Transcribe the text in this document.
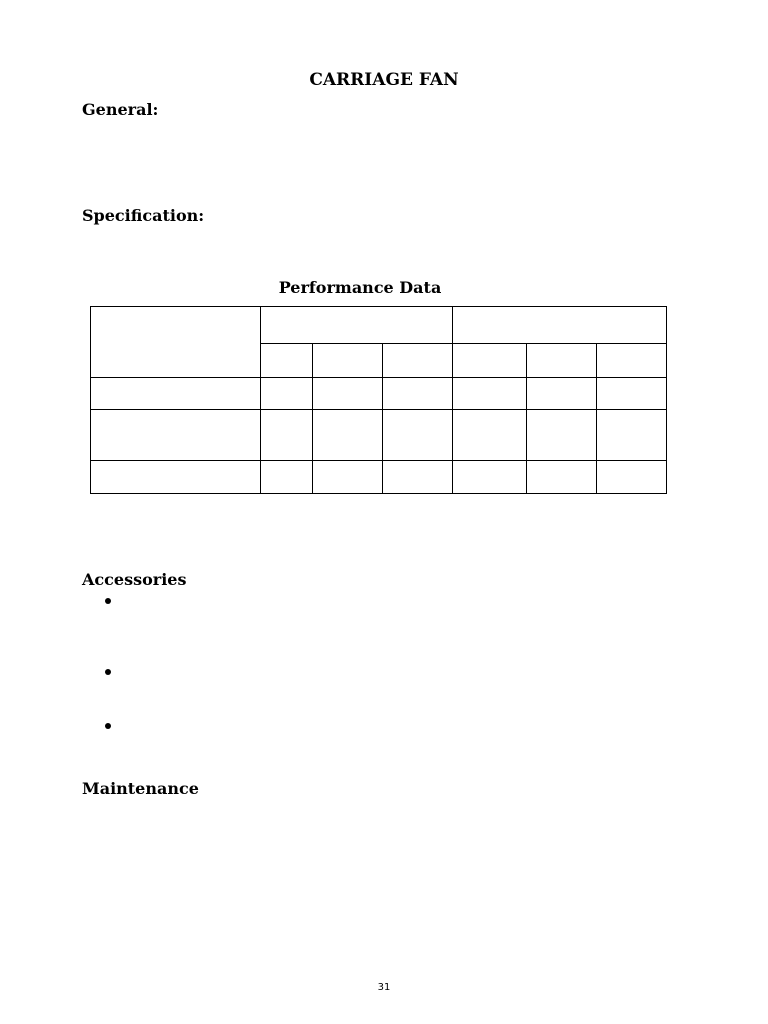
CARRIAGE FAN
General:
Specification:
Performance Data

Accessories
Maintenance
31
